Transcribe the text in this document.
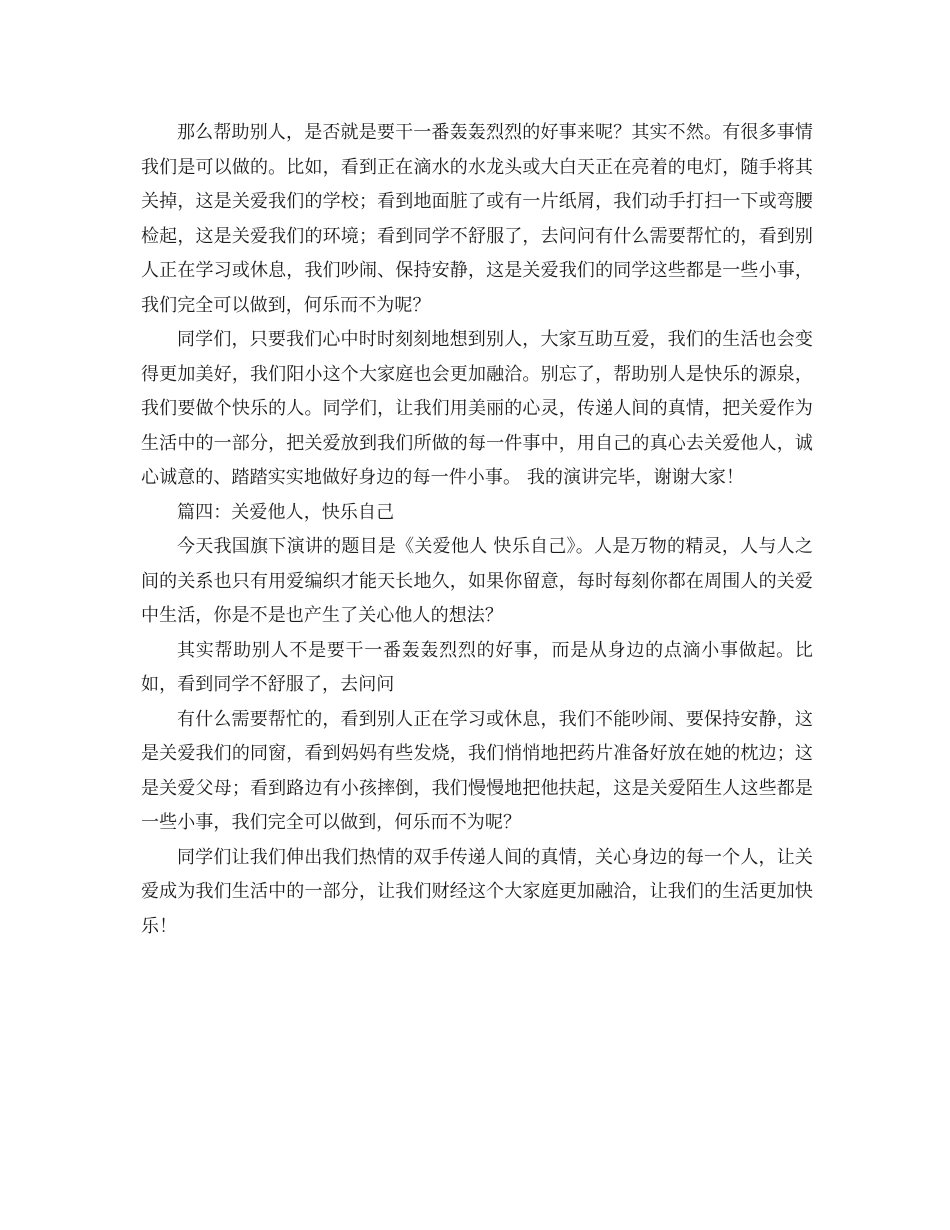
那么帮助别人，是否就是要干一番轰轰烈烈的好事来呢？其实不然。有很多事情我们是可以做的。比如，看到正在滴水的水龙头或大白天正在亮着的电灯，随手将其关掉，这是关爱我们的学校；看到地面脏了或有一片纸屑，我们动手打扫一下或弯腰检起，这是关爱我们的环境；看到同学不舒服了，去问问有什么需要帮忙的，看到别人正在学习或休息，我们吵闹、保持安静，这是关爱我们的同学这些都是一些小事，我们完全可以做到，何乐而不为呢？

同学们，只要我们心中时时刻刻地想到别人，大家互助互爱，我们的生活也会变得更加美好，我们阳小这个大家庭也会更加融洽。别忘了，帮助别人是快乐的源泉，我们要做个快乐的人。同学们，让我们用美丽的心灵，传递人间的真情，把关爱作为生活中的一部分，把关爱放到我们所做的每一件事中，用自己的真心去关爱他人，诚心诚意的、踏踏实实地做好身边的每一件小事。 我的演讲完毕，谢谢大家！

篇四：关爱他人，快乐自己

今天我国旗下演讲的题目是《关爱他人 快乐自己》。人是万物的精灵，人与人之间的关系也只有用爱编织才能天长地久，如果你留意，每时每刻你都在周围人的关爱中生活，你是不是也产生了关心他人的想法？

其实帮助别人不是要干一番轰轰烈烈的好事，而是从身边的点滴小事做起。比如，看到同学不舒服了，去问问

有什么需要帮忙的，看到别人正在学习或休息，我们不能吵闹、要保持安静，这是关爱我们的同窗，看到妈妈有些发烧，我们悄悄地把药片准备好放在她的枕边；这是关爱父母；看到路边有小孩摔倒，我们慢慢地把他扶起，这是关爱陌生人这些都是一些小事，我们完全可以做到，何乐而不为呢？

同学们让我们伸出我们热情的双手传递人间的真情，关心身边的每一个人，让关爱成为我们生活中的一部分，让我们财经这个大家庭更加融洽，让我们的生活更加快乐！
